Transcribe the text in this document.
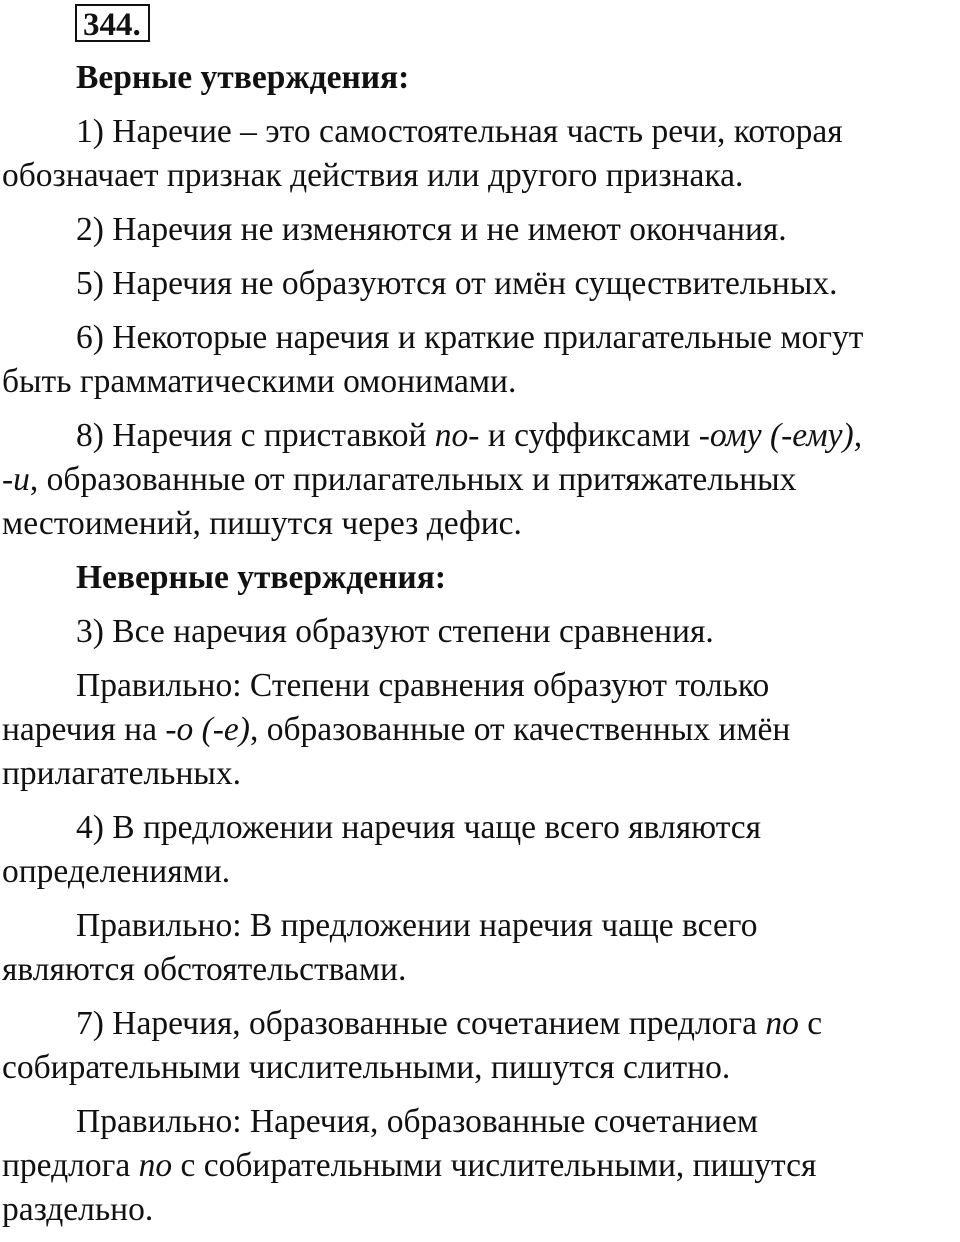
344.

Верные утверждения:

1) Наречие – это самостоятельная часть речи, которая
обозначает признак действия или другого признака.

2) Наречия не изменяются и не имеют окончания.

5) Наречия не образуются от имён существительных.

6) Некоторые наречия и краткие прилагательные могут
быть грамматическими омонимами.

8) Наречия с приставкой по- и суффиксами -ому (-ему),
-и, образованные от прилагательных и притяжательных
местоимений, пишутся через дефис.

Неверные утверждения:

3) Все наречия образуют степени сравнения.

Правильно: Степени сравнения образуют только
наречия на -о (-е), образованные от качественных имён
прилагательных.

4) В предложении наречия чаще всего являются
определениями.

Правильно: В предложении наречия чаще всего
являются обстоятельствами.

7) Наречия, образованные сочетанием предлога по с
собирательными числительными, пишутся слитно.

Правильно: Наречия, образованные сочетанием
предлога по с собирательными числительными, пишутся
раздельно.
